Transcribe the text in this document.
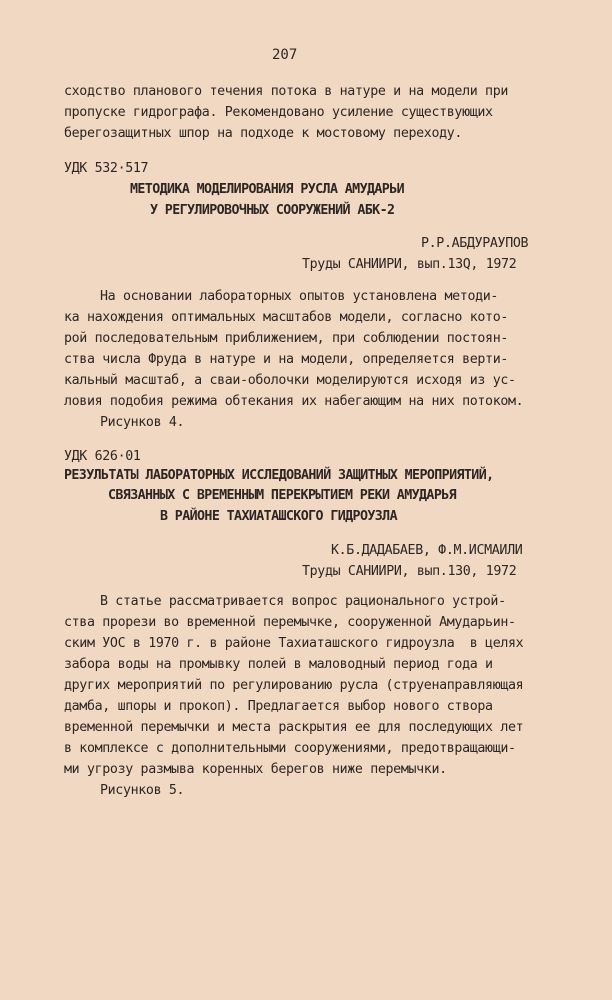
207
сходство планового течения потока в натуре и на модели при
пропуске гидрографа. Рекомендовано усиление существующих
берегозащитных шпор на подходе к мостовому переходу.
УДК 532·517
МЕТОДИКА МОДЕЛИРОВАНИЯ РУСЛА АМУДАРЬИ
У РЕГУЛИРОВОЧНЫХ СООРУЖЕНИЙ АБК-2
Р.Р.АБДУРАУПОВ
Труды САНИИРИ, вып.13Q, 1972
На основании лабораторных опытов установлена методи-
ка нахождения оптимальных масштабов модели, согласно кото-
рой последовательным приближением, при соблюдении постоян-
ства числа Фруда в натуре и на модели, определяется верти-
кальный масштаб, а сваи-оболочки моделируются исходя из ус-
ловия подобия режима обтекания их набегающим на них потоком.
Рисунков 4.
УДК 626·01
РЕЗУЛЬТАТЫ ЛАБОРАТОРНЫХ ИССЛЕДОВАНИЙ ЗАЩИТНЫХ МЕРОПРИЯТИЙ,
СВЯЗАННЫХ С ВРЕМЕННЫМ ПЕРЕКРЫТИЕМ РЕКИ АМУДАРЬЯ
В РАЙОНЕ ТАХИАТАШСКОГО ГИДРОУЗЛА
К.Б.ДАДАБАЕВ, Ф.М.ИСМАИЛИ
Труды САНИИРИ, вып.130, 1972
В статье рассматривается вопрос рационального устрой-
ства прорези во временной перемычке, сооруженной Амударьин-
ским УОС в 1970 г. в районе Тахиаташского гидроузла  в целях
забора воды на промывку полей в маловодный период года и
других мероприятий по регулированию русла (струенаправляющая
дамба, шпоры и прокоп). Предлагается выбор нового створа
временной перемычки и места раскрытия ее для последующих лет
в комплексе с дополнительными сооружениями, предотвращающи-
ми угрозу размыва коренных берегов ниже перемычки.
Рисунков 5.
